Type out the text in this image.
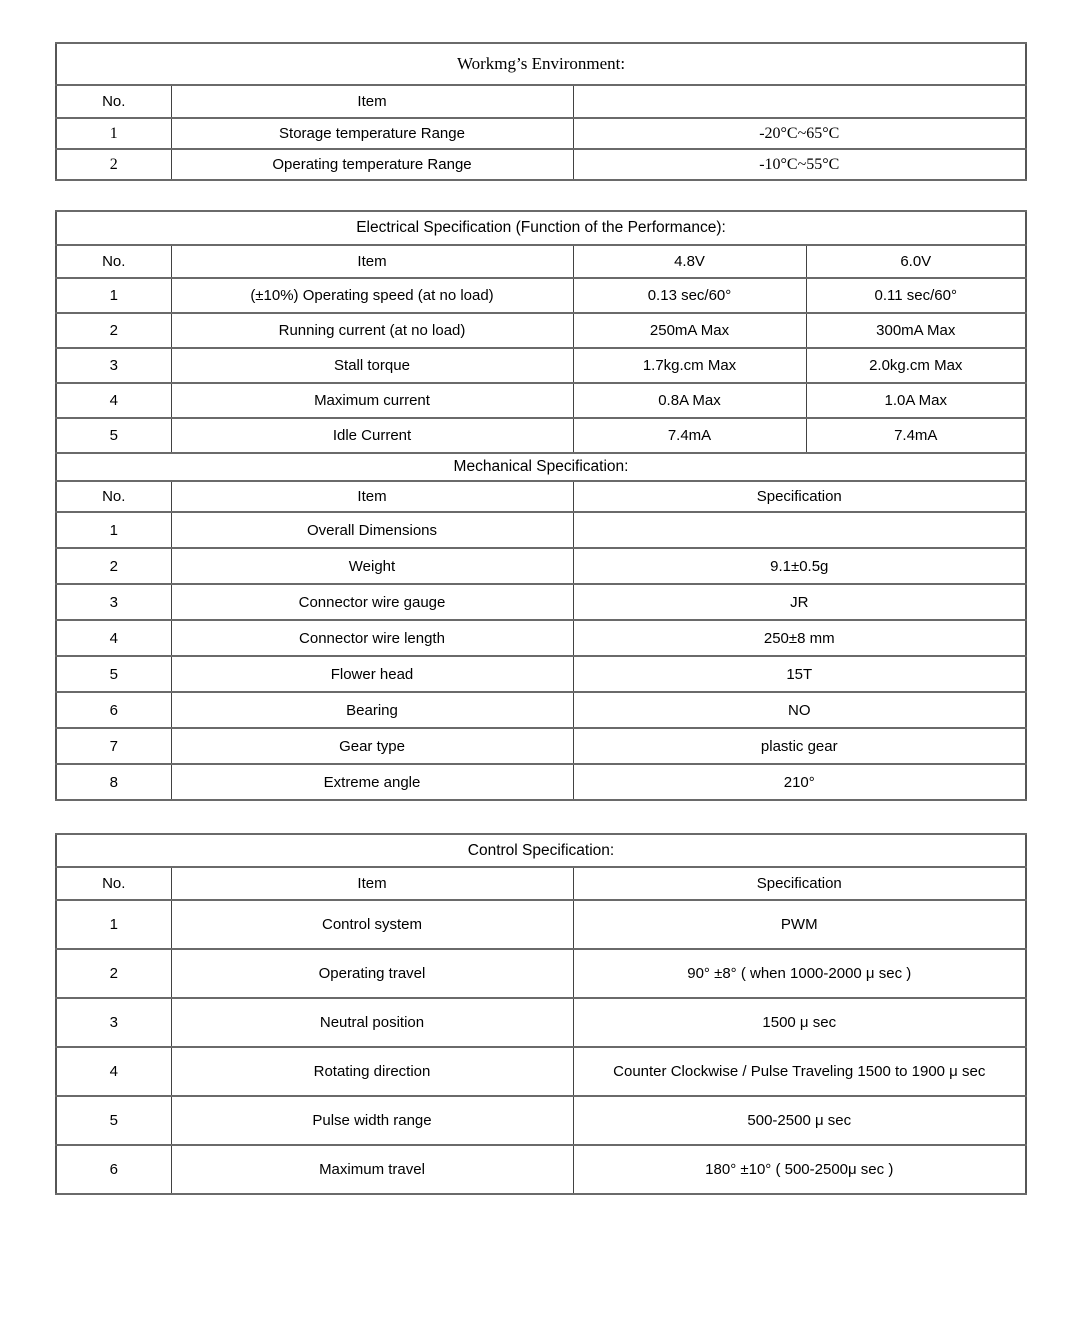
Workmg’s Environment:		
No.	Item	
1	Storage temperature Range	-20°C~65°C
2	Operating temperature Range	-10°C~55°C
Electrical Specification (Function of the Performance):			
No.	Item	4.8V	6.0V
1	(±10%) Operating speed (at no load)	0.13 sec/60°	0.11 sec/60°
2	Running current (at no load)	250mA Max	300mA Max
3	Stall torque	1.7kg.cm Max	2.0kg.cm Max
4	Maximum current	0.8A Max	1.0A Max
5	Idle Current	7.4mA	7.4mA
Mechanical Specification:			
No.	Item	Specification	
1	Overall Dimensions		
2	Weight	9.1±0.5g	
3	Connector wire gauge	JR	
4	Connector wire length	250±8 mm	
5	Flower head	15T	
6	Bearing	NO	
7	Gear type	plastic gear	
8	Extreme angle	210°	
Control Specification:		
No.	Item	Specification
1	Control system	PWM
2	Operating travel	90° ±8° ( when 1000-2000 μ sec )
3	Neutral position	1500 μ sec
4	Rotating direction	Counter Clockwise / Pulse Traveling 1500 to 1900 μ sec
5	Pulse width range	500-2500 μ sec
6	Maximum travel	180° ±10° ( 500-2500μ sec )
